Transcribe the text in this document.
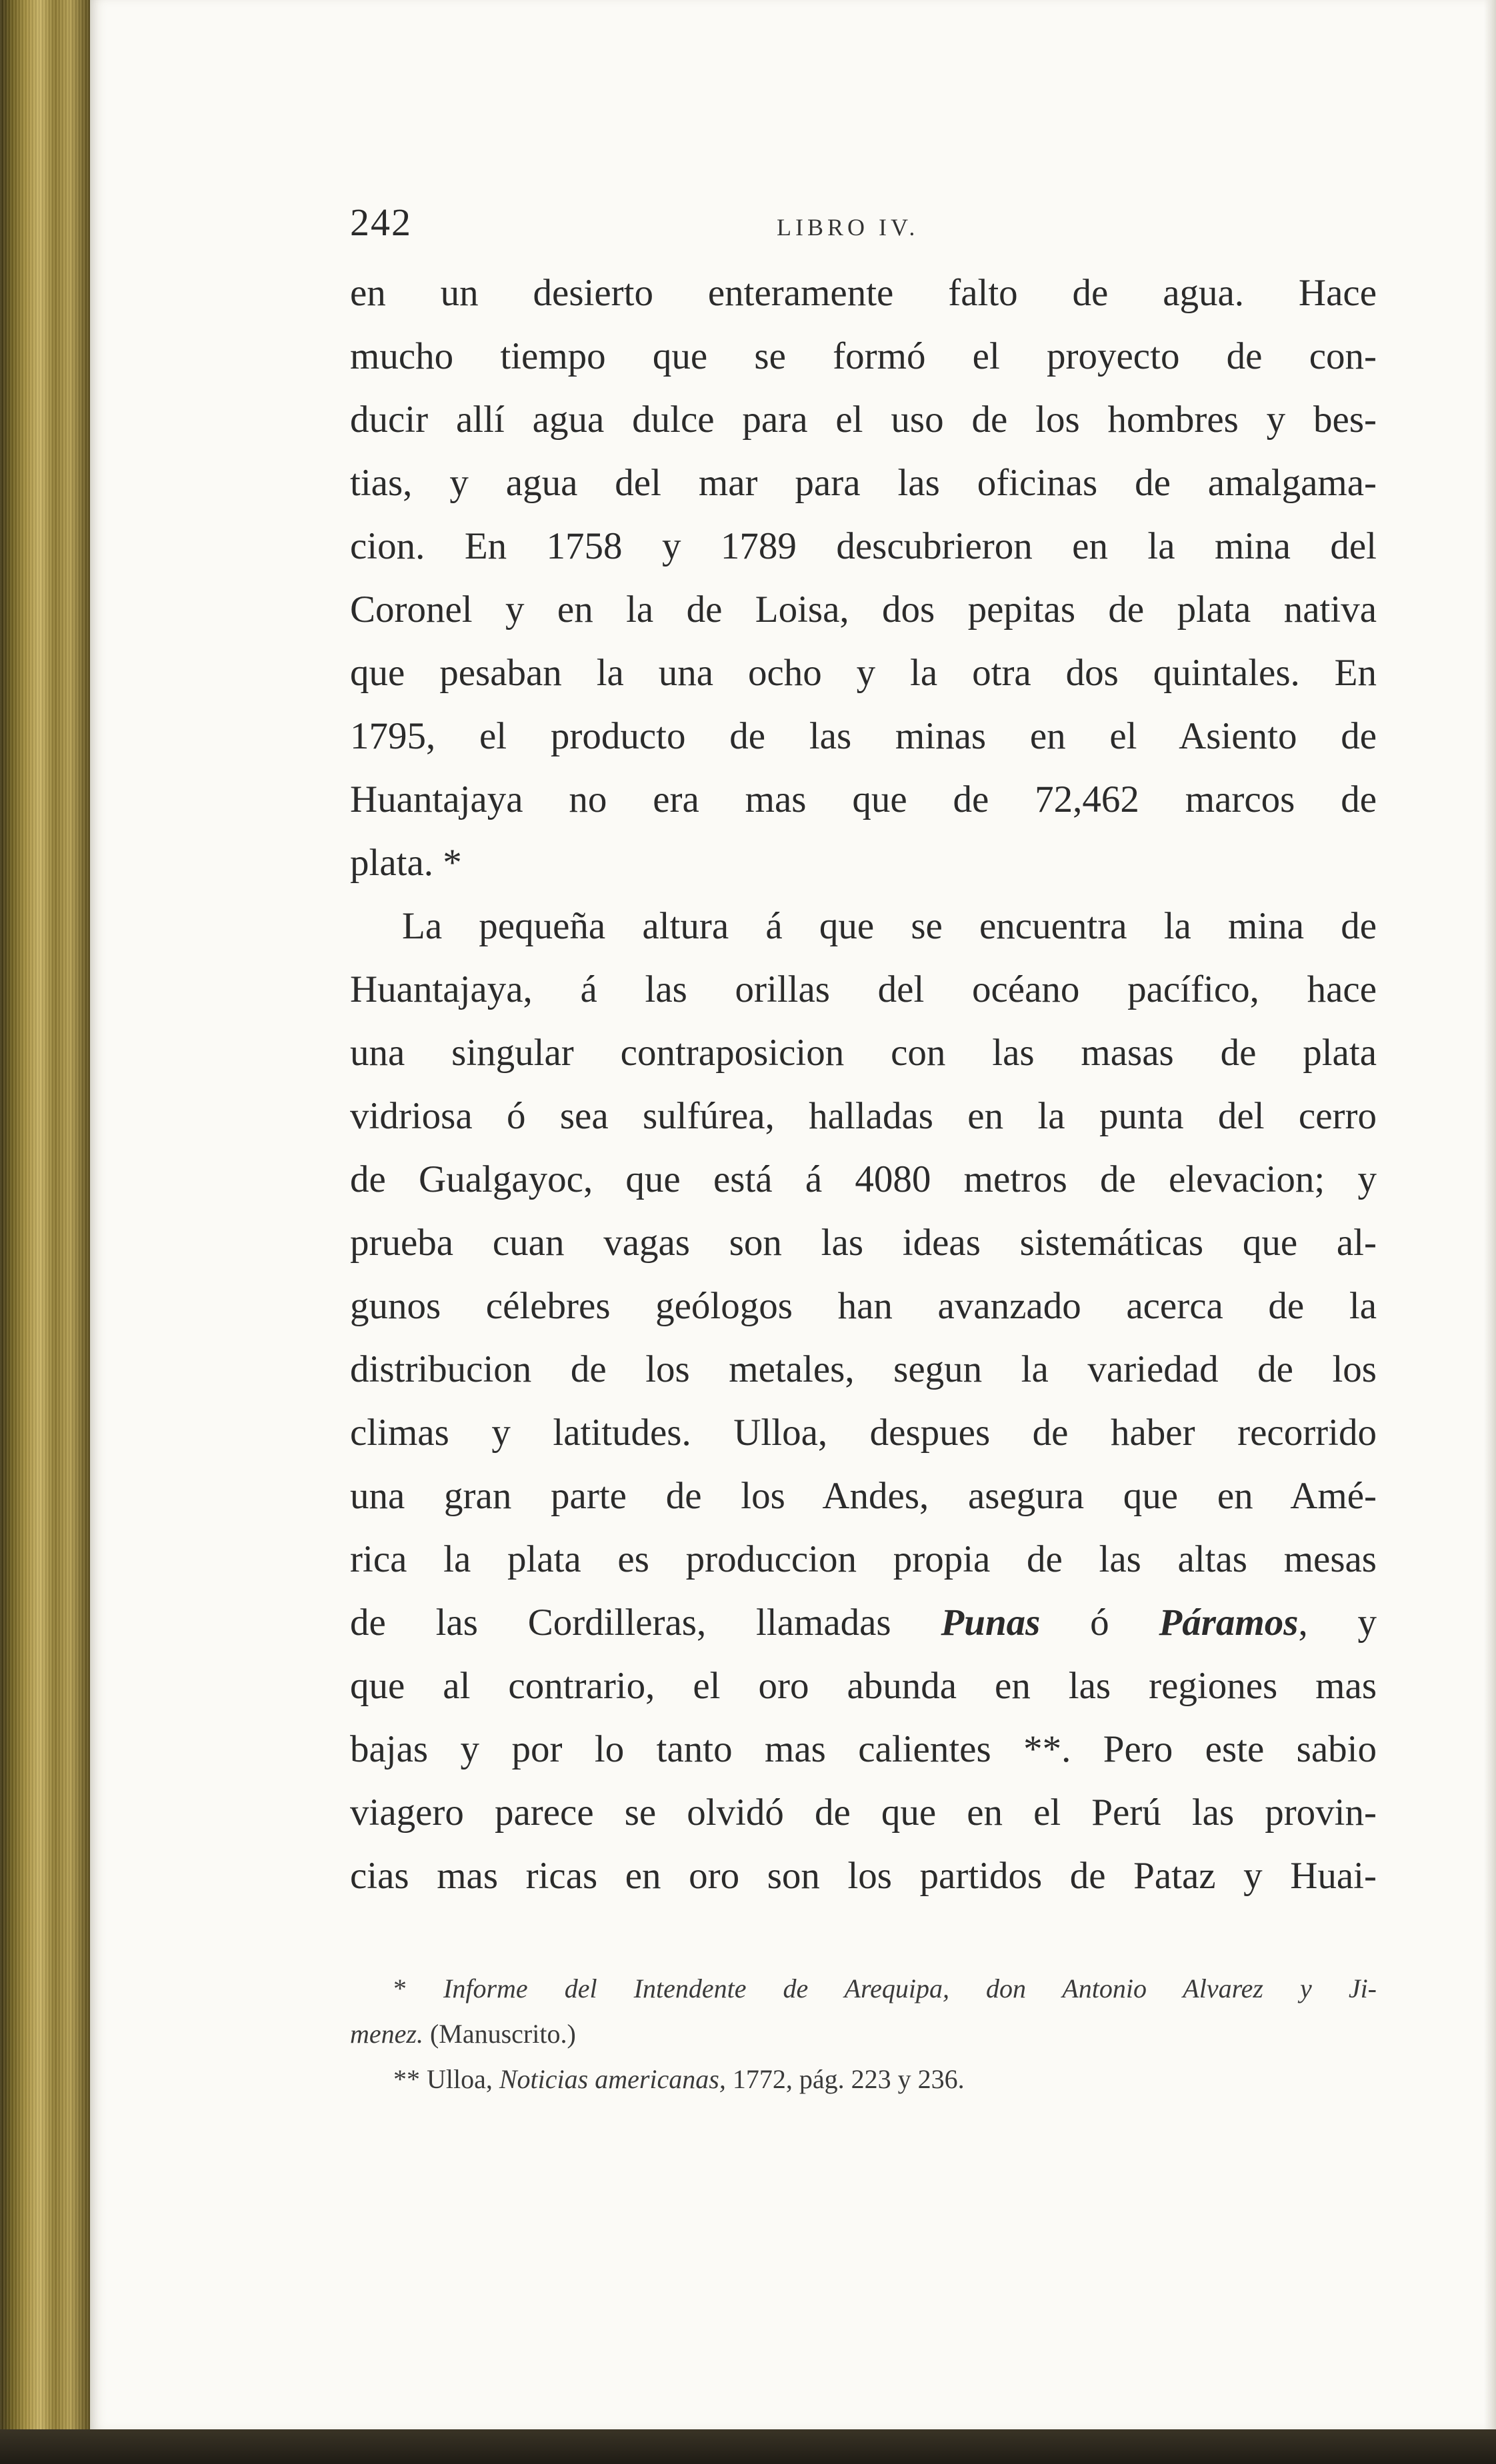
242	LIBRO IV.
en un desierto enteramente falto de agua. Hace
mucho tiempo que se formó el proyecto de con-
ducir allí agua dulce para el uso de los hombres y bes-
tias, y agua del mar para las oficinas de amalgama-
cion. En 1758 y 1789 descubrieron en la mina del
Coronel y en la de Loisa, dos pepitas de plata nativa
que pesaban la una ocho y la otra dos quintales. En
1795, el producto de las minas en el Asiento de
Huantajaya no era mas que de 72,462 marcos de
plata. *
La pequeña altura á que se encuentra la mina de
Huantajaya, á las orillas del océano pacífico, hace
una singular contraposicion con las masas de plata
vidriosa ó sea sulfúrea, halladas en la punta del cerro
de Gualgayoc, que está á 4080 metros de elevacion; y
prueba cuan vagas son las ideas sistemáticas que al-
gunos célebres geólogos han avanzado acerca de la
distribucion de los metales, segun la variedad de los
climas y latitudes. Ulloa, despues de haber recorrido
una gran parte de los Andes, asegura que en Amé-
rica la plata es produccion propia de las altas mesas
de las Cordilleras, llamadas Punas ó Páramos, y
que al contrario, el oro abunda en las regiones mas
bajas y por lo tanto mas calientes **. Pero este sabio
viagero parece se olvidó de que en el Perú las provin-
cias mas ricas en oro son los partidos de Pataz y Huai-
* Informe del Intendente de Arequipa, don Antonio Alvarez y Ji-
menez. (Manuscrito.)
** Ulloa, Noticias americanas, 1772, pág. 223 y 236.
